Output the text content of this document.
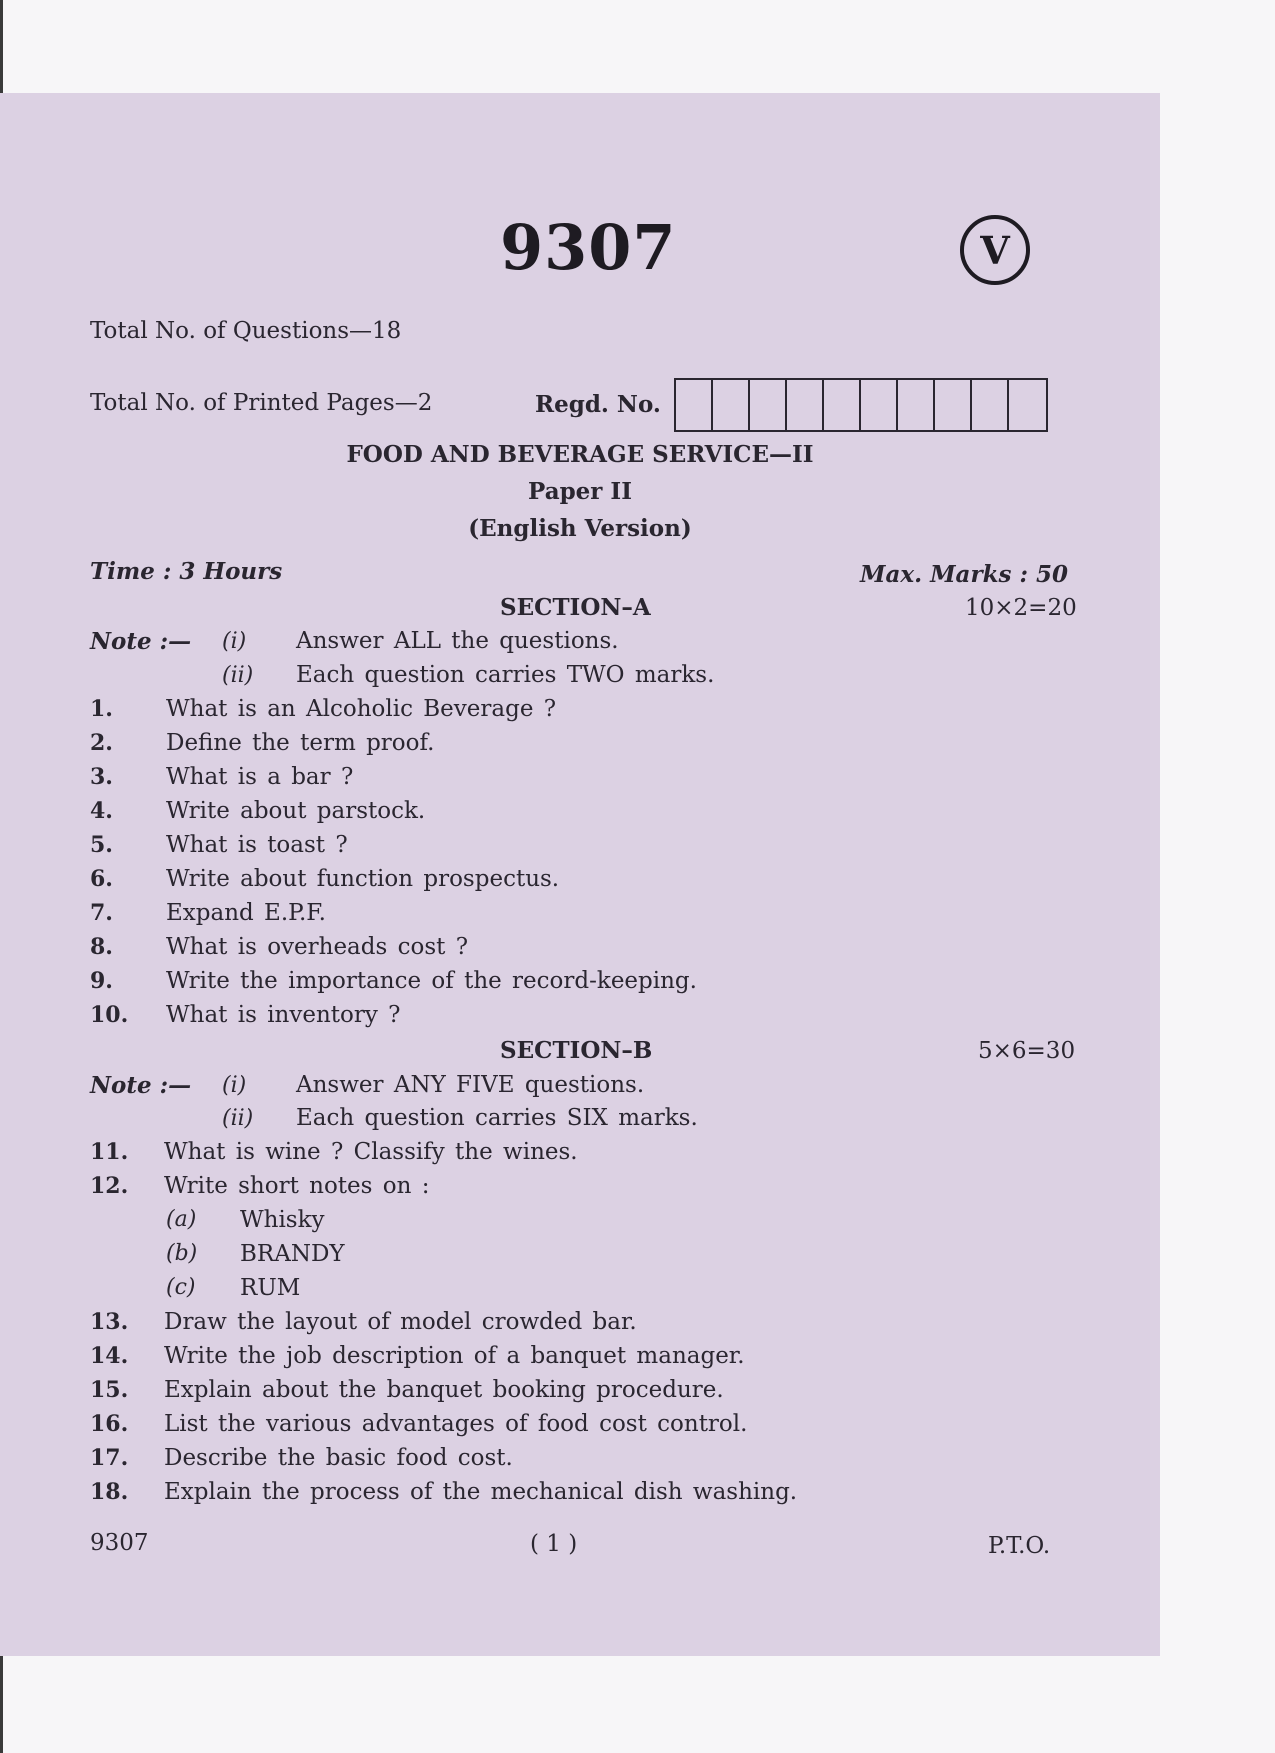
9307	V
Total No. of Questions—18
Total No. of Printed Pages—2	Regd. No.
FOOD AND BEVERAGE SERVICE—II
Paper II
(English Version)
Time : 3 Hours	Max. Marks : 50
SECTION–A	10×2=20
Note :— (i) Answer ALL the questions.
(ii) Each question carries TWO marks.
1. What is an Alcoholic Beverage ?
2. Define the term proof.
3. What is a bar ?
4. Write about parstock.
5. What is toast ?
6. Write about function prospectus.
7. Expand E.P.F.
8. What is overheads cost ?
9. Write the importance of the record-keeping.
10. What is inventory ?
SECTION–B	5×6=30
Note :— (i) Answer ANY FIVE questions.
(ii) Each question carries SIX marks.
11. What is wine ? Classify the wines.
12. Write short notes on :
(a) Whisky
(b) BRANDY
(c) RUM
13. Draw the layout of model crowded bar.
14. Write the job description of a banquet manager.
15. Explain about the banquet booking procedure.
16. List the various advantages of food cost control.
17. Describe the basic food cost.
18. Explain the process of the mechanical dish washing.
9307	( 1 )	P.T.O.
